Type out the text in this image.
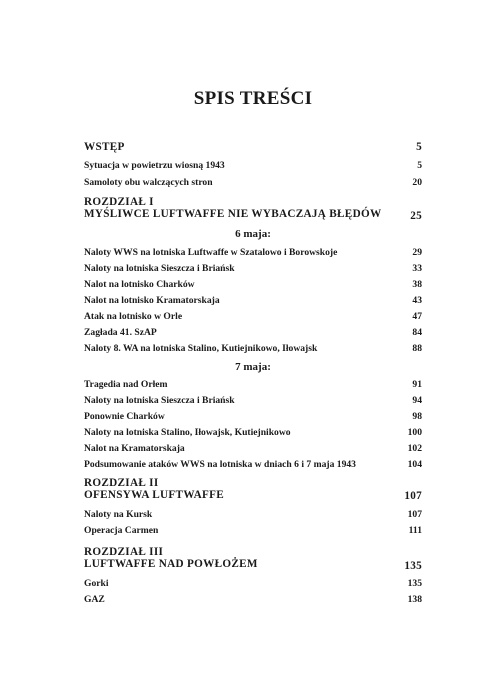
SPIS TREŚCI
WSTĘP	5
Sytuacja w powietrzu wiosną 1943	5
Samoloty obu walczących stron	20
ROZDZIAŁ I
MYŚLIWCE LUFTWAFFE NIE WYBACZAJĄ BŁĘDÓW	25
6 maja:
Naloty WWS na lotniska Luftwaffe w Szatalowo i Borowskoje	29
Naloty na lotniska Sieszcza i Briańsk	33
Nalot na lotnisko Charków	38
Nalot na lotnisko Kramatorskaja	43
Atak na lotnisko w Orle	47
Zagłada 41. SzAP	84
Naloty 8. WA na lotniska Stalino, Kutiejnikowo, Iłowajsk	88
7 maja:
Tragedia nad Orłem	91
Naloty na lotniska Sieszcza i Briańsk	94
Ponownie Charków	98
Naloty na lotniska Stalino, Iłowajsk, Kutiejnikowo	100
Nalot na Kramatorskaja	102
Podsumowanie ataków WWS na lotniska w dniach 6 i 7 maja 1943	104
ROZDZIAŁ II
OFENSYWA LUFTWAFFE	107
Naloty na Kursk	107
Operacja Carmen	111
ROZDZIAŁ III
LUFTWAFFE NAD POWŁOŻEM	135
Gorki	135
GAZ	138
